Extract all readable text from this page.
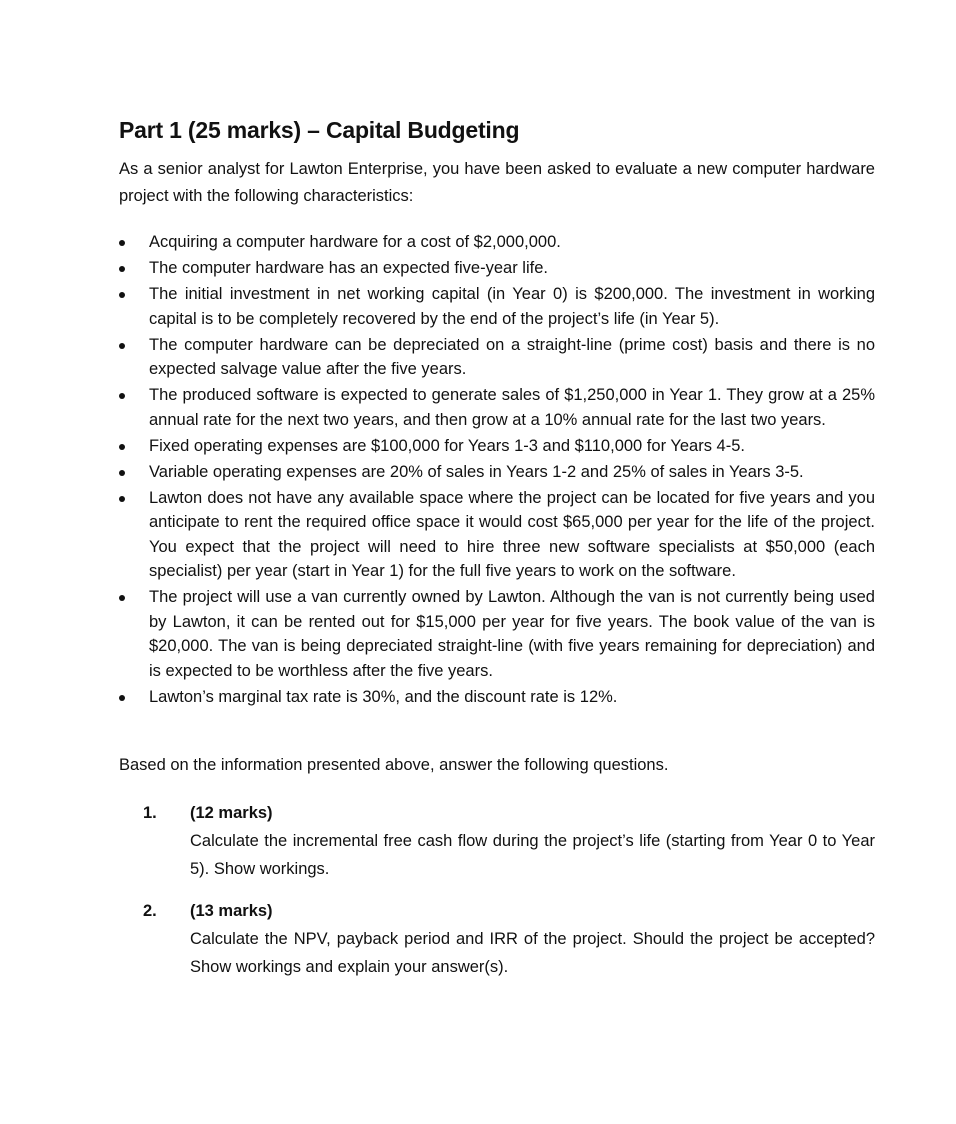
Part 1 (25 marks) – Capital Budgeting

As a senior analyst for Lawton Enterprise, you have been asked to evaluate a new computer hardware project with the following characteristics:

Acquiring a computer hardware for a cost of $2,000,000.
The computer hardware has an expected five-year life.
The initial investment in net working capital (in Year 0) is $200,000. The investment in working capital is to be completely recovered by the end of the project’s life (in Year 5).
The computer hardware can be depreciated on a straight-line (prime cost) basis and there is no expected salvage value after the five years.
The produced software is expected to generate sales of $1,250,000 in Year 1. They grow at a 25% annual rate for the next two years, and then grow at a 10% annual rate for the last two years.
Fixed operating expenses are $100,000 for Years 1-3 and $110,000 for Years 4-5.
Variable operating expenses are 20% of sales in Years 1-2 and 25% of sales in Years 3-5.
Lawton does not have any available space where the project can be located for five years and you anticipate to rent the required office space it would cost $65,000 per year for the life of the project. You expect that the project will need to hire three new software specialists at $50,000 (each specialist) per year (start in Year 1) for the full five years to work on the software.
The project will use a van currently owned by Lawton. Although the van is not currently being used by Lawton, it can be rented out for $15,000 per year for five years. The book value of the van is $20,000. The van is being depreciated straight-line (with five years remaining for depreciation) and is expected to be worthless after the five years.
Lawton’s marginal tax rate is 30%, and the discount rate is 12%.

Based on the information presented above, answer the following questions.

1. (12 marks)
Calculate the incremental free cash flow during the project’s life (starting from Year 0 to Year 5). Show workings.
2. (13 marks)
Calculate the NPV, payback period and IRR of the project. Should the project be accepted? Show workings and explain your answer(s).
